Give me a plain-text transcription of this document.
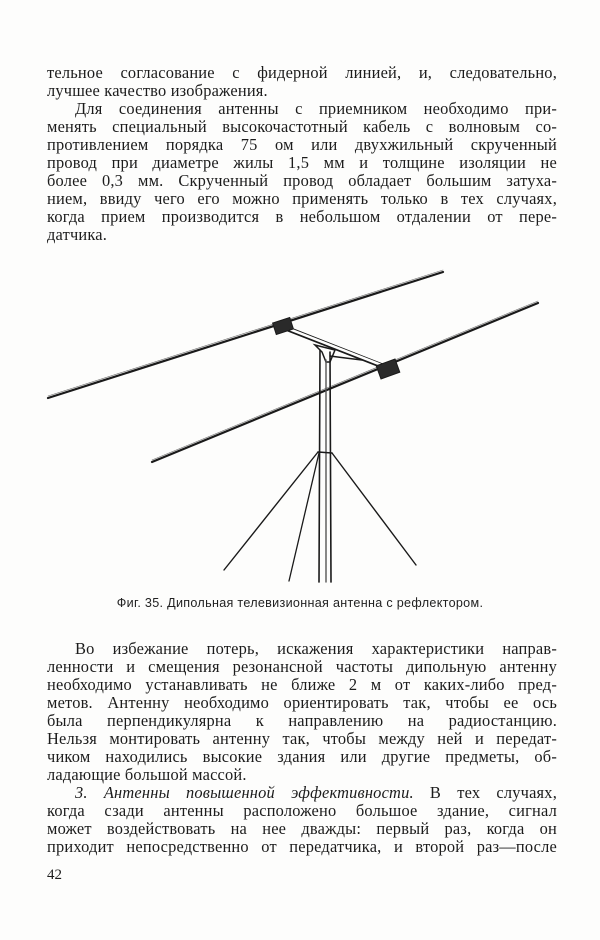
тельное согласование с фидерной линией, и, следовательно,
лучшее качество изображения.
Для соединения антенны с приемником необходимо при-
менять специальный высокочастотный кабель с волновым со-
противлением порядка 75 ом или двухжильный скрученный
провод при диаметре жилы 1,5 мм и толщине изоляции не
более 0,3 мм. Скрученный провод обладает большим затуха-
нием, ввиду чего его можно применять только в тех случаях,
когда прием производится в небольшом отдалении от пере-
датчика.
Фиг. 35. Дипольная телевизионная антенна с рефлектором.
Во избежание потерь, искажения характеристики направ-
ленности и смещения резонансной частоты дипольную антенну
необходимо устанавливать не ближе 2 м от каких-либо пред-
метов. Антенну необходимо ориентировать так, чтобы ее ось
была перпендикулярна к направлению на радиостанцию.
Нельзя монтировать антенну так, чтобы между ней и передат-
чиком находились высокие здания или другие предметы, об-
ладающие большой массой.
3. Антенны повышенной эффективности. В тех случаях,
когда сзади антенны расположено большое здание, сигнал
может воздействовать на нее дважды: первый раз, когда он
приходит непосредственно от передатчика, и второй раз—после
42
